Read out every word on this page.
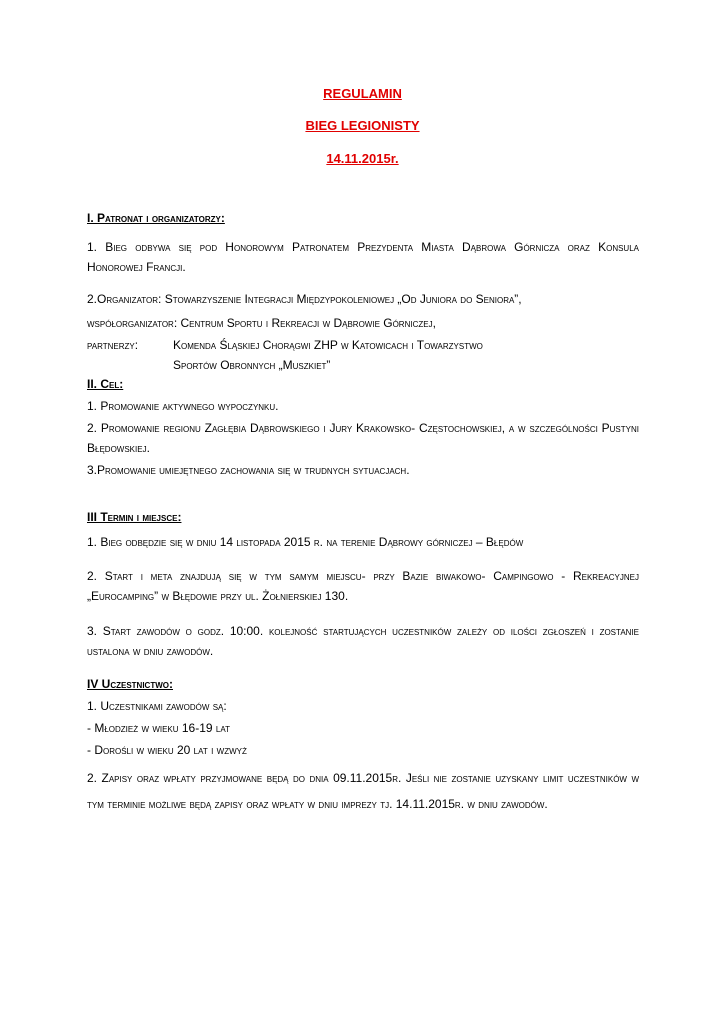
REGULAMIN

BIEG LEGIONISTY

14.11.2015r.

I. Patronat i organizatorzy:

1. Bieg odbywa się pod Honorowym Patronatem Prezydenta Miasta Dąbrowa Górnicza oraz Konsula Honorowej Francji.

2.Organizator: Stowarzyszenie Integracji Międzypokoleniowej „Od Juniora do Seniora”,

współorganizator: Centrum Sportu i Rekreacji w Dąbrowie Górniczej,

partnerzy:	Komenda Śląskiej Chorągwi ZHP w Katowicach i Towarzystwo

Sportów Obronnych „Muszkiet”

II. Cel:

1. Promowanie aktywnego wypoczynku.

2. Promowanie regionu Zagłębia Dąbrowskiego i Jury Krakowsko- Częstochowskiej, a w szczególności Pustyni Błędowskiej.

3.Promowanie umiejętnego zachowania się w trudnych sytuacjach.

III Termin i miejsce:

1. Bieg odbędzie się w dniu 14 listopada 2015 r. na terenie Dąbrowy górniczej – Błędów

2. Start i meta znajdują się w tym samym miejscu- przy Bazie biwakowo- Campingowo - Rekreacyjnej „Eurocamping” w Błędowie przy ul. Żołnierskiej 130.

3. Start zawodów o godz. 10:00. kolejność startujących uczestników zależy od ilości zgłoszeń i zostanie ustalona w dniu zawodów.

IV Uczestnictwo:

1. Uczestnikami zawodów są:

- Młodzież w wieku 16-19 lat

- Dorośli w wieku 20 lat i wzwyż

2. Zapisy oraz wpłaty przyjmowane będą do dnia 09.11.2015r. Jeśli nie zostanie uzyskany limit uczestników w tym terminie możliwe będą zapisy oraz wpłaty w dniu imprezy tj. 14.11.2015r. w dniu zawodów.
